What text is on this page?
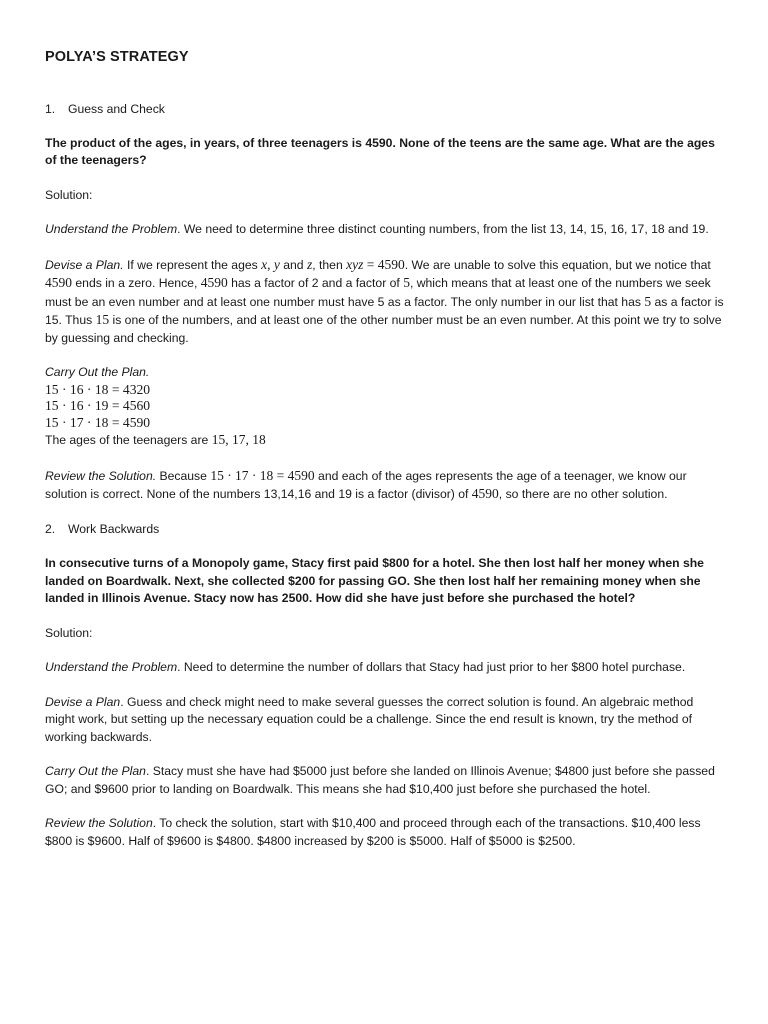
POLYA’S STRATEGY
1.	Guess and Check

The product of the ages, in years, of three teenagers is 4590. None of the teens are the same age. What are the ages of the teenagers?

Solution:

Understand the Problem. We need to determine three distinct counting numbers, from the list 13, 14, 15, 16, 17, 18 and 19.

Devise a Plan. If we represent the ages x, y and z, then xyz = 4590. We are unable to solve this equation, but we notice that 4590 ends in a zero. Hence, 4590 has a factor of 2 and a factor of 5, which means that at least one of the numbers we seek must be an even number and at least one number must have 5 as a factor. The only number in our list that has 5 as a factor is 15. Thus 15 is one of the numbers, and at least one of the other number must be an even number. At this point we try to solve by guessing and checking.

Carry Out the Plan.

15 · 16 · 18 = 4320

15 · 16 · 19 = 4560

15 · 17 · 18 = 4590

The ages of the teenagers are 15, 17, 18

Review the Solution. Because 15 · 17 · 18 = 4590 and each of the ages represents the age of a teenager, we know our solution is correct. None of the numbers 13,14,16 and 19 is a factor (divisor) of 4590, so there are no other solution.

2.	Work Backwards

In consecutive turns of a Monopoly game, Stacy first paid $800 for a hotel. She then lost half her money when she landed on Boardwalk. Next, she collected $200 for passing GO. She then lost half her remaining money when she landed in Illinois Avenue. Stacy now has 2500. How did she have just before she purchased the hotel?

Solution:

Understand the Problem. Need to determine the number of dollars that Stacy had just prior to her $800 hotel purchase.

Devise a Plan. Guess and check might need to make several guesses the correct solution is found. An algebraic method might work, but setting up the necessary equation could be a challenge. Since the end result is known, try the method of working backwards.

Carry Out the Plan. Stacy must she have had $5000 just before she landed on Illinois Avenue; $4800 just before she passed GO; and $9600 prior to landing on Boardwalk. This means she had $10,400 just before she purchased the hotel.

Review the Solution. To check the solution, start with $10,400 and proceed through each of the transactions. $10,400 less $800 is $9600. Half of $9600 is $4800. $4800 increased by $200 is $5000. Half of $5000 is $2500.
